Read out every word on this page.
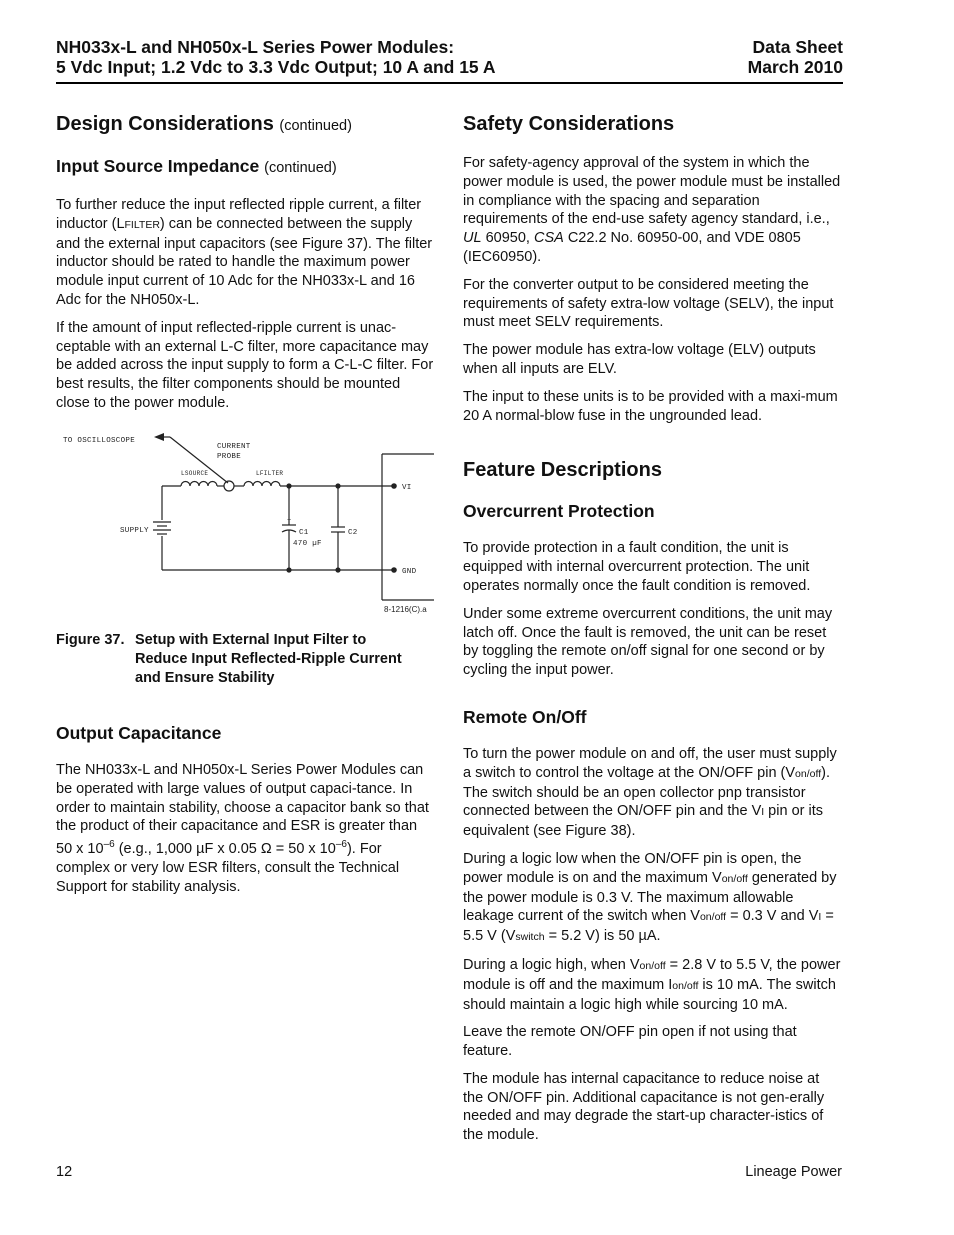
NH033x-L and NH050x-L Series Power Modules:
5 Vdc Input; 1.2 Vdc to 3.3 Vdc Output; 10 A and 15 A
Data Sheet
March 2010
Design Considerations (continued)
Input Source Impedance (continued)

To further reduce the input reflected ripple current, a filter inductor (LFILTER) can be connected between the supply and the external input capacitors (see Figure 37). The filter inductor should be rated to handle the maximum power module input current of 10 Adc for the NH033x-L and 16 Adc for the NH050x-L.

If the amount of input reflected-ripple current is unac-ceptable with an external L-C filter, more capacitance may be added across the input supply to form a C-L-C filter. For best results, the filter components should be mounted close to the power module.

TO OSCILLOSCOPE
CURRENT
PROBE
LSOURCE	LFILTER
SUPPLY
+
C1
470 µF
C2
VI
GND
8-1216(C).a
Figure 37. Setup with External Input Filter to
Reduce Input Reflected-Ripple Current
and Ensure Stability
Output Capacitance

The NH033x-L and NH050x-L Series Power Modules can be operated with large values of output capaci-tance. In order to maintain stability, choose a capacitor bank so that the product of their capacitance and ESR is greater than 50 x $10^{-6}$ (e.g., 1,000 µF x 0.05 Ω = 50 x $10^{-6}$). For complex or very low ESR filters, consult the Technical Support for stability analysis.

Safety Considerations

For safety-agency approval of the system in which the power module is used, the power module must be installed in compliance with the spacing and separation requirements of the end-use safety agency standard, i.e., UL 60950, CSA C22.2 No. 60950-00, and VDE 0805 (IEC60950).

For the converter output to be considered meeting the requirements of safety extra-low voltage (SELV), the input must meet SELV requirements.

The power module has extra-low voltage (ELV) outputs when all inputs are ELV.

The input to these units is to be provided with a maxi-mum 20 A normal-blow fuse in the ungrounded lead.

Feature Descriptions
Overcurrent Protection

To provide protection in a fault condition, the unit is equipped with internal overcurrent protection. The unit operates normally once the fault condition is removed.

Under some extreme overcurrent conditions, the unit may latch off. Once the fault is removed, the unit can be reset by toggling the remote on/off signal for one second or by cycling the input power.

Remote On/Off

To turn the power module on and off, the user must supply a switch to control the voltage at the ON/OFF pin (Von/off). The switch should be an open collector pnp transistor connected between the ON/OFF pin and the VI pin or its equivalent (see Figure 38).

During a logic low when the ON/OFF pin is open, the power module is on and the maximum Von/off generated by the power module is 0.3 V. The maximum allowable leakage current of the switch when Von/off = 0.3 V and VI = 5.5 V (Vswitch = 5.2 V) is 50 µA.

During a logic high, when Von/off = 2.8 V to 5.5 V, the power module is off and the maximum Ion/off is 10 mA. The switch should maintain a logic high while sourcing 10 mA.

Leave the remote ON/OFF pin open if not using that feature.

The module has internal capacitance to reduce noise at the ON/OFF pin. Additional capacitance is not gen-erally needed and may degrade the start-up character-istics of the module.

12	Lineage Power
